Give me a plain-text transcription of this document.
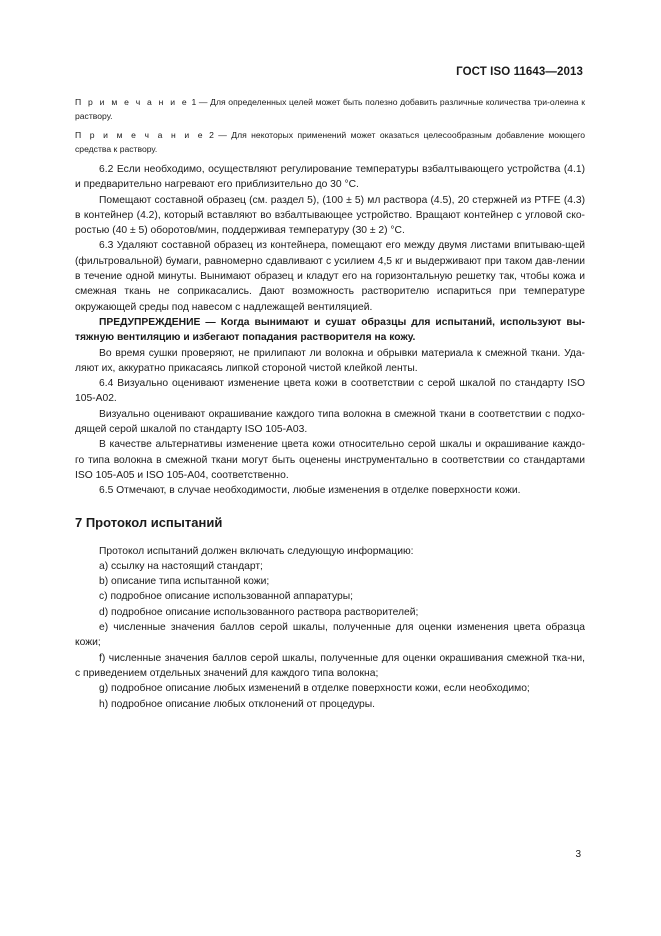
ГОСТ ISO 11643—2013

П р и м е ч а н и е 1 — Для определенных целей может быть полезно добавить различные количества три-олеина к раствору.

П р и м е ч а н и е 2 — Для некоторых применений может оказаться целесообразным добавление моющего средства к раствору.

6.2 Если необходимо, осуществляют регулирование температуры взбалтывающего устройства (4.1) и предварительно нагревают его приблизительно до 30 °С.

Помещают составной образец (см. раздел 5), (100 ± 5) мл раствора (4.5), 20 стержней из PTFE (4.3) в контейнер (4.2), который вставляют во взбалтывающее устройство. Вращают контейнер с угловой ско-ростью (40 ± 5) оборотов/мин, поддерживая температуру (30 ± 2) °С.

6.3 Удаляют составной образец из контейнера, помещают его между двумя листами впитываю-щей (фильтровальной) бумаги, равномерно сдавливают с усилием 4,5 кг и выдерживают при таком дав-лении в течение одной минуты. Вынимают образец и кладут его на горизонтальную решетку так, чтобы кожа и смежная ткань не соприкасались. Дают возможность растворителю испариться при температуре окружающей среды под навесом с надлежащей вентиляцией.

ПРЕДУПРЕЖДЕНИЕ — Когда вынимают и сушат образцы для испытаний, используют вы-тяжную вентиляцию и избегают попадания растворителя на кожу.

Во время сушки проверяют, не прилипают ли волокна и обрывки материала к смежной ткани. Уда-ляют их, аккуратно прикасаясь липкой стороной чистой клейкой ленты.

6.4 Визуально оценивают изменение цвета кожи в соответствии с серой шкалой по стандарту ISO 105-A02.

Визуально оценивают окрашивание каждого типа волокна в смежной ткани в соответствии с подхо-дящей серой шкалой по стандарту ISO 105-A03.

В качестве альтернативы изменение цвета кожи относительно серой шкалы и окрашивание каждо-го типа волокна в смежной ткани могут быть оценены инструментально в соответствии со стандартами ISO 105-A05 и ISO 105-A04, соответственно.

6.5 Отмечают, в случае необходимости, любые изменения в отделке поверхности кожи.

7 Протокол испытаний

Протокол испытаний должен включать следующую информацию:

a) ссылку на настоящий стандарт;

b) описание типа испытанной кожи;

c) подробное описание использованной аппаратуры;

d) подробное описание использованного раствора растворителей;

e) численные значения баллов серой шкалы, полученные для оценки изменения цвета образца кожи;

f) численные значения баллов серой шкалы, полученные для оценки окрашивания смежной тка-ни, с приведением отдельных значений для каждого типа волокна;

g) подробное описание любых изменений в отделке поверхности кожи, если необходимо;

h) подробное описание любых отклонений от процедуры.

3
